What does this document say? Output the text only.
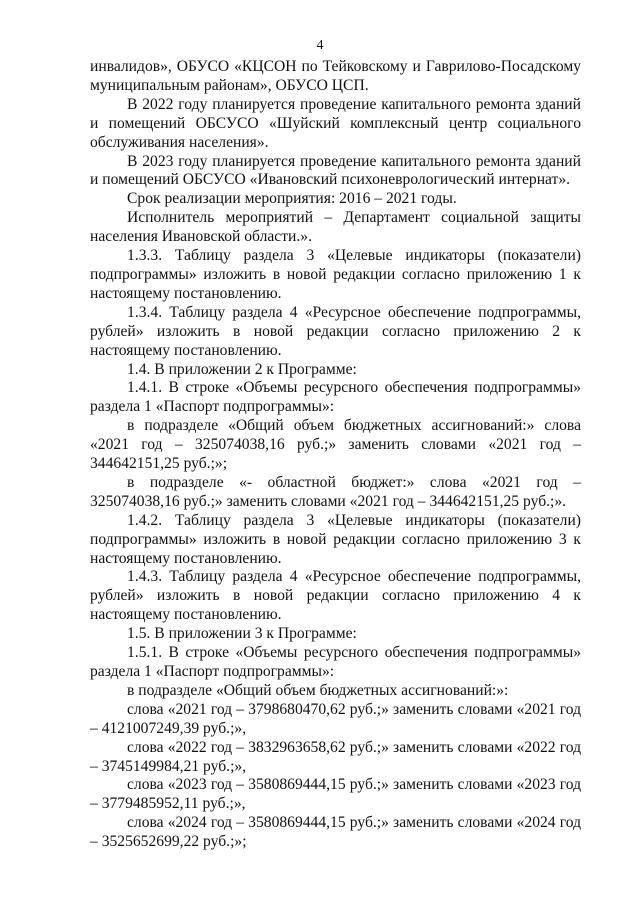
4

инвалидов», ОБУСО «КЦСОН по Тейковскому и Гаврилово-Посадскому муниципальным районам», ОБУСО ЦСП.

В 2022 году планируется проведение капитального ремонта зданий и помещений ОБСУСО «Шуйский комплексный центр социального обслуживания населения».

В 2023 году планируется проведение капитального ремонта зданий и помещений ОБСУСО «Ивановский психоневрологический интернат».

Срок реализации мероприятия: 2016 – 2021 годы.

Исполнитель мероприятий – Департамент социальной защиты населения Ивановской области.».

1.3.3. Таблицу раздела 3 «Целевые индикаторы (показатели) подпрограммы» изложить в новой редакции согласно приложению 1 к настоящему постановлению.

1.3.4. Таблицу раздела 4 «Ресурсное обеспечение подпрограммы, рублей» изложить в новой редакции согласно приложению 2 к настоящему постановлению.

1.4. В приложении 2 к Программе:

1.4.1. В строке «Объемы ресурсного обеспечения подпрограммы» раздела 1 «Паспорт подпрограммы»:

в подразделе «Общий объем бюджетных ассигнований:» слова «2021 год – 325074038,16 руб.;» заменить словами «2021 год – 344642151,25 руб.;»;

в подразделе «- областной бюджет:» слова «2021 год – 325074038,16 руб.;» заменить словами «2021 год – 344642151,25 руб.;».

1.4.2. Таблицу раздела 3 «Целевые индикаторы (показатели) подпрограммы» изложить в новой редакции согласно приложению 3 к настоящему постановлению.

1.4.3. Таблицу раздела 4 «Ресурсное обеспечение подпрограммы, рублей» изложить в новой редакции согласно приложению 4 к настоящему постановлению.

1.5. В приложении 3 к Программе:

1.5.1. В строке «Объемы ресурсного обеспечения подпрограммы» раздела 1 «Паспорт подпрограммы»:

в подразделе «Общий объем бюджетных ассигнований:»:

слова «2021 год – 3798680470,62 руб.;» заменить словами «2021 год – 4121007249,39 руб.;»,

слова «2022 год – 3832963658,62 руб.;» заменить словами «2022 год – 3745149984,21 руб.;»,

слова «2023 год – 3580869444,15 руб.;» заменить словами «2023 год – 3779485952,11 руб.;»,

слова «2024 год – 3580869444,15 руб.;» заменить словами «2024 год – 3525652699,22 руб.;»;
